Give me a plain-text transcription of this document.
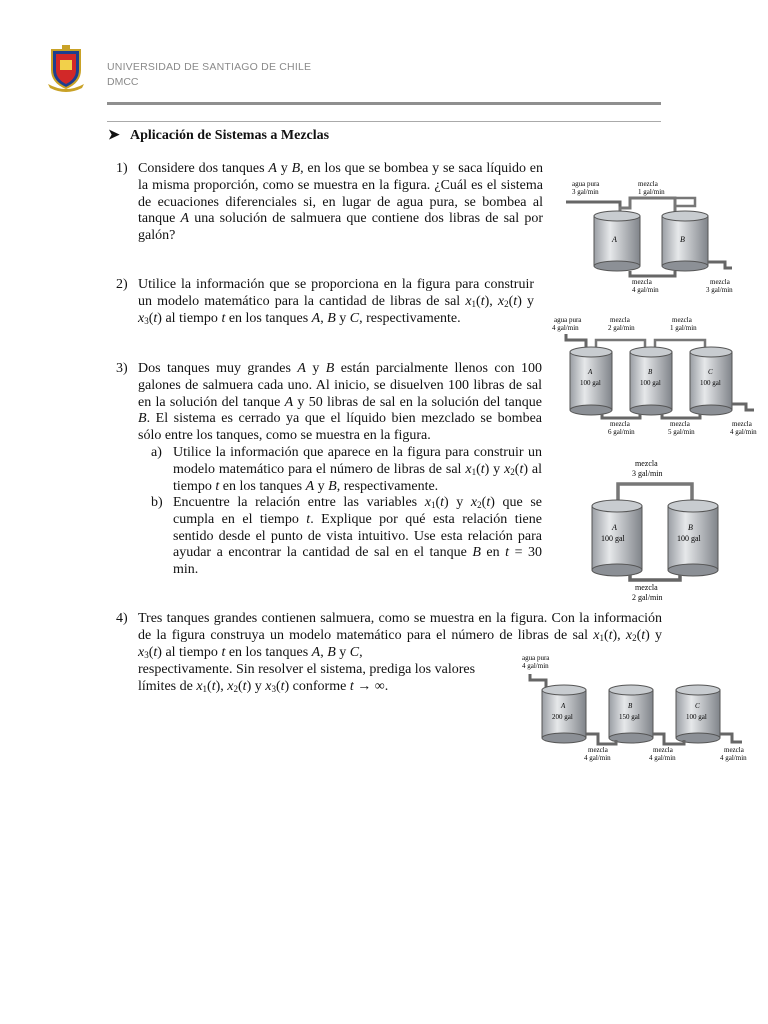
UNIVERSIDAD DE SANTIAGO DE CHILE
DMCC
➤ Aplicación de Sistemas a Mezclas
1) Considere dos tanques A y B, en los que se bombea y se saca líquido en la misma proporción, como se muestra en la figura. ¿Cuál es el sistema de ecuaciones diferenciales si, en lugar de agua pura, se bombea al tanque A una solución de salmuera que contiene dos libras de sal por galón?
2) Utilice la información que se proporciona en la figura para construir un modelo matemático para la cantidad de libras de sal $x_1(t)$, $x_2(t)$ y $x_3(t)$ al tiempo t en los tanques A, B y C, respectivamente.
3) Dos tanques muy grandes A y B están parcialmente llenos con 100 galones de salmuera cada uno. Al inicio, se disuelven 100 libras de sal en la solución del tanque A y 50 libras de sal en la solución del tanque B. El sistema es cerrado ya que el líquido bien mezclado se bombea sólo entre los tanques, como se muestra en la figura.
a) Utilice la información que aparece en la figura para construir un modelo matemático para el número de libras de sal $x_1(t)$ y $x_2(t)$ al tiempo t en los tanques A y B, respectivamente.
b) Encuentre la relación entre las variables $x_1(t)$ y $x_2(t)$ que se cumpla en el tiempo t. Explique por qué esta relación tiene sentido desde el punto de vista intuitivo. Use esta relación para ayudar a encontrar la cantidad de sal en el tanque B en t = 30 min.
4) Tres tanques grandes contienen salmuera, como se muestra en la figura. Con la información de la figura construya un modelo matemático para el número de libras de sal $x_1(t)$, $x_2(t)$ y $x_3(t)$ al tiempo t en los tanques A, B y C,
respectivamente. Sin resolver el sistema, prediga los valores límites de $x_1(t)$, $x_2(t)$ y $x_3(t)$ conforme t → ∞.
agua pura
3 gal/min
mezcla
1 gal/min
A	B
mezcla
4 gal/min
mezcla
3 gal/min
agua pura
4 gal/min
mezcla
2 gal/min
mezcla
1 gal/min
A
100 gal
B
100 gal
C
100 gal
mezcla
6 gal/min
mezcla
5 gal/min
mezcla
4 gal/min
mezcla
3 gal/min
A
100 gal
B
100 gal
mezcla
2 gal/min
agua pura
4 gal/min
A
200 gal
B
150 gal
C
100 gal
mezcla
4 gal/min
mezcla
4 gal/min
mezcla
4 gal/min
